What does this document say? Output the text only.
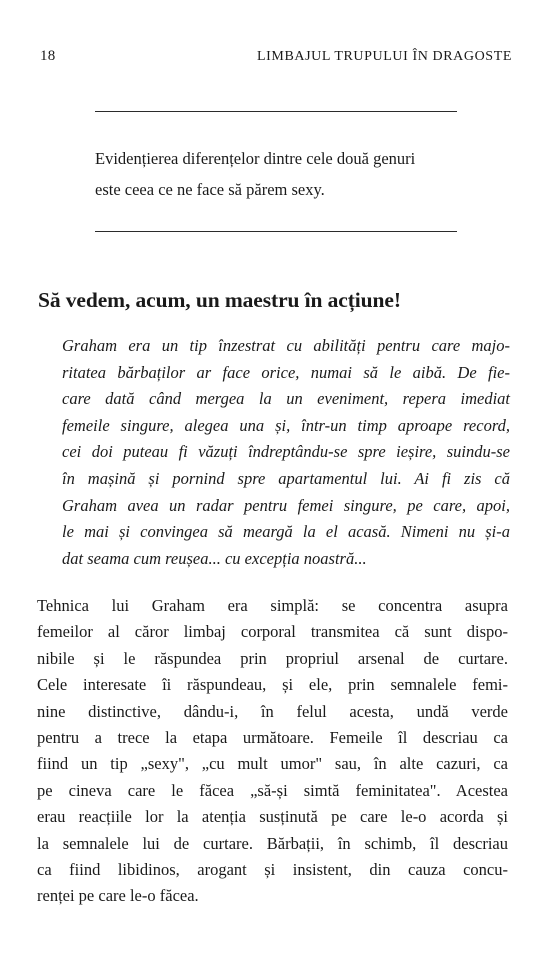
18	LIMBAJUL TRUPULUI ÎN DRAGOSTE
Evidențierea diferențelor dintre cele două genuri
este ceea ce ne face să părem sexy.
Să vedem, acum, un maestru în acțiune!
Graham era un tip înzestrat cu abilități pentru care majo-
ritatea bărbaților ar face orice, numai să le aibă. De fie-
care dată când mergea la un eveniment, repera imediat
femeile singure, alegea una și, într-un timp aproape record,
cei doi puteau fi văzuți îndreptându-se spre ieșire, suindu-se
în mașină și pornind spre apartamentul lui. Ai fi zis că
Graham avea un radar pentru femei singure, pe care, apoi,
le mai și convingea să meargă la el acasă. Nimeni nu și-a
dat seama cum reușea... cu excepția noastră...
Tehnica lui Graham era simplă: se concentra asupra
femeilor al căror limbaj corporal transmitea că sunt dispo-
nibile și le răspundea prin propriul arsenal de curtare.
Cele interesate îi răspundeau, și ele, prin semnalele femi-
nine distinctive, dându-i, în felul acesta, undă verde
pentru a trece la etapa următoare. Femeile îl descriau ca
fiind un tip „sexy", „cu mult umor" sau, în alte cazuri, ca
pe cineva care le făcea „să-și simtă feminitatea". Acestea
erau reacțiile lor la atenția susținută pe care le-o acorda și
la semnalele lui de curtare. Bărbații, în schimb, îl descriau
ca fiind libidinos, arogant și insistent, din cauza concu-
renței pe care le-o făcea.
